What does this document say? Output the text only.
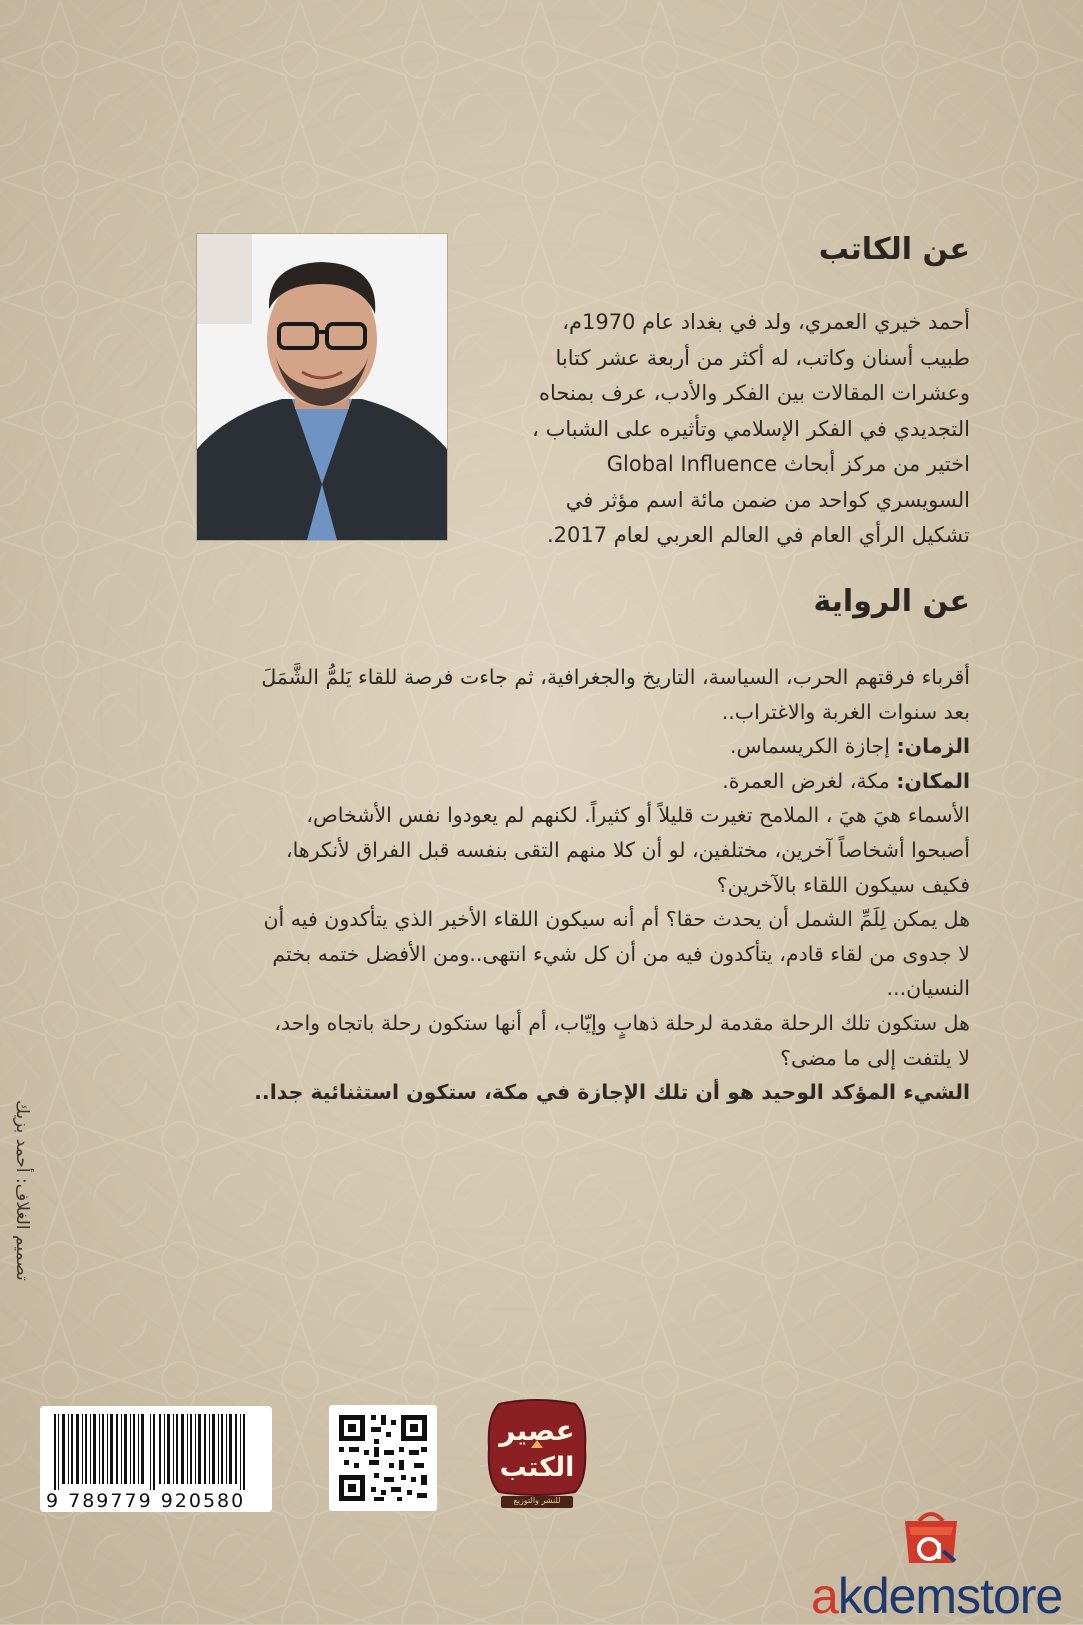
عن الكاتب
أحمد خيري العمري، ولد في بغداد عام 1970م،
طبيب أسنان وكاتب، له أكثر من أربعة عشر كتابا
وعشرات المقالات بين الفكر والأدب، عرف بمنحاه
التجديدي في الفكر الإسلامي وتأثيره على الشباب ،
اختير من مركز أبحاث Global Influence
السويسري كواحد من ضمن مائة اسم مؤثر في
تشكيل الرأي العام في العالم العربي لعام 2017.
عن الرواية
أقرباء فرقتهم الحرب، السياسة، التاريخ والجغرافية، ثم جاءت فرصة للقاء يَلمُّ الشَّمَلَ
بعد سنوات الغربة والاغتراب..
الزمان: إجازة الكريسماس.
المكان: مكة، لغرض العمرة.
الأسماء هيَ هيَ ، الملامح تغيرت قليلاً أو كثيراً. لكنهم لم يعودوا نفس الأشخاص،
أصبحوا أشخاصاً آخرين، مختلفين، لو أن كلا منهم التقى بنفسه قبل الفراق لأنكرها،
فكيف سيكون اللقاء بالآخرين؟
هل يمكن لِلَمِّ الشمل أن يحدث حقا؟ أم أنه سيكون اللقاء الأخير الذي يتأكدون فيه أن
لا جدوى من لقاء قادم، يتأكدون فيه من أن كل شيء انتهى..ومن الأفضل ختمه بختم
النسيان...
هل ستكون تلك الرحلة مقدمة لرحلة ذهابٍ وإيّاب، أم أنها ستكون رحلة باتجاه واحد،
لا يلتفت إلى ما مضى؟
الشيء المؤكد الوحيد هو أن تلك الإجازة في مكة، ستكون استثنائية جدا..
تصميم الغلاف: أحمد بزيك
9 789779 920580
عصير
الكتب
للنشر والتوزيع
akdemstore
